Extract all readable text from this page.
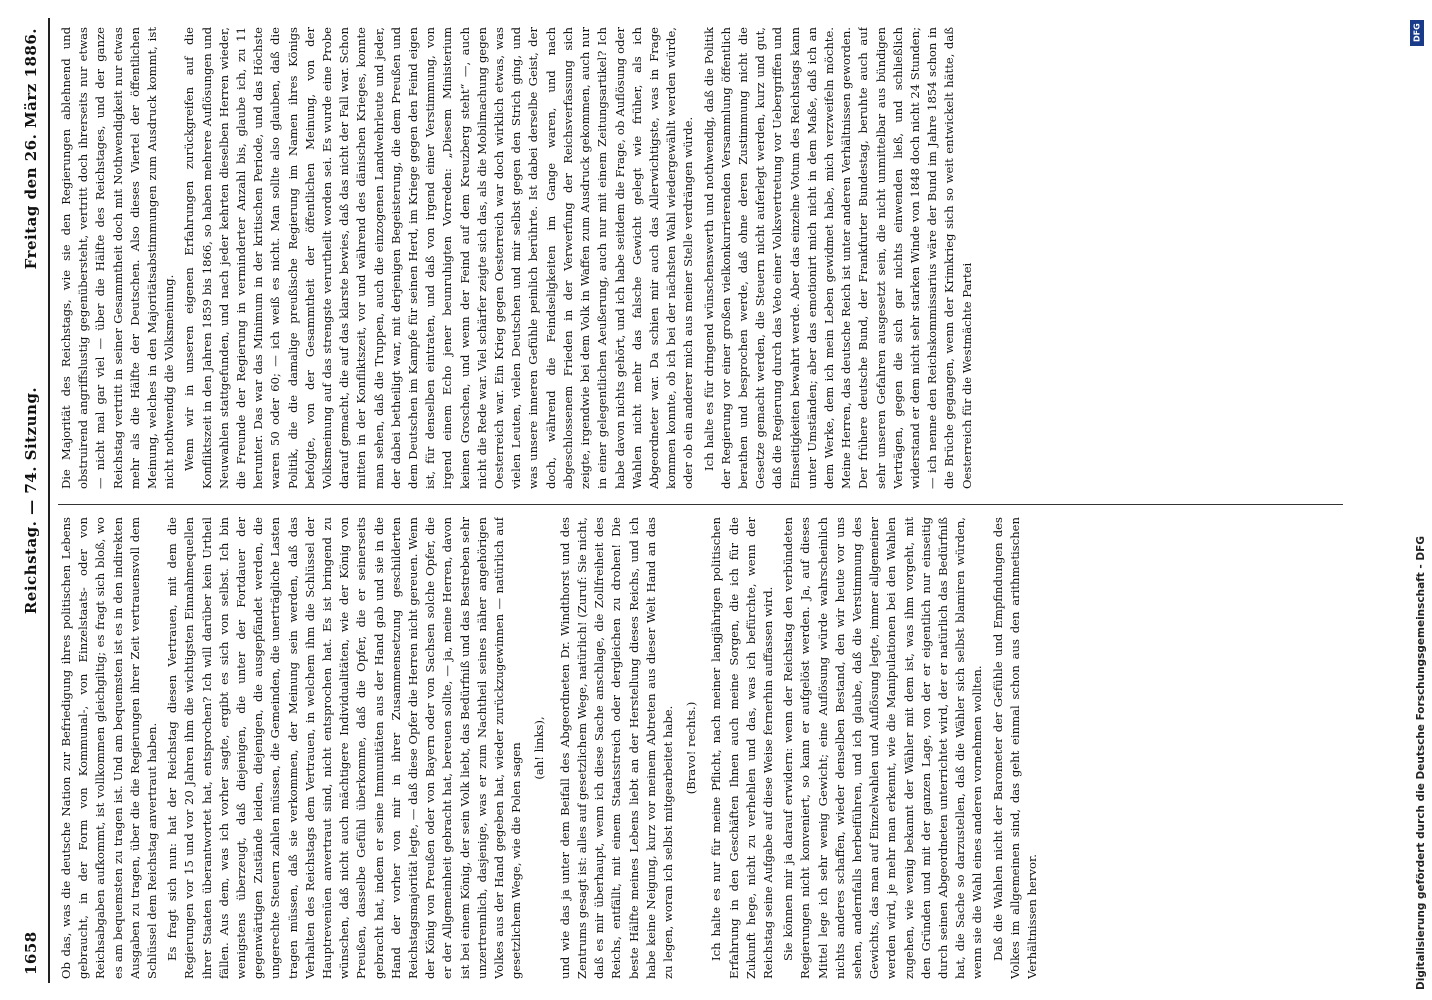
1658
Reichstag. — 74. Sitzung.
Freitag den 26. März 1886.

Ob das, was die deutsche Nation zur Befriedigung ihres politischen Lebens gebraucht, in der Form von Kommunal-, von Einzelstaats- oder von Reichsabgaben aufkommt, ist vollkommen gleichgiltig; es fragt sich bloß, wo es am bequemsten zu tragen ist. Und am bequemsten ist es in den indirekten Ausgaben zu tragen, über die die Regierungen ihrer Zeit vertrauensvoll dem Schlüssel dem Reichstag anvertraut haben. Es fragt sich nun: hat der Reichstag diesen Vertrauen, mit dem die Regierungen vor 15 und vor 20 Jahren ihm die wichtigsten Einnahmequellen ihrer Staaten überantwortet hat, entsprochen? Ich will darüber kein Urtheil fällen. Aus dem, was ich vorher sagte, ergibt es sich von selbst. Ich bin wenigstens überzeugt, daß diejenigen, die unter der Fortdauer der gegenwärtigen Zustände leiden, diejenigen, die ausgepfändet werden, die ungerechte Steuern zahlen müssen, die Gemeinden, die unerträgliche Lasten tragen müssen, daß sie verkommen, der Meinung sein werden, daß das Verhalten des Reichstags dem Vertrauen, in welchem ihm die Schlüssel der Hauptrevenüen anvertraut sind, nicht entsprochen hat. Es ist bringend zu wünschen, daß nicht auch mächtigere Individualitäten, wie der König von Preußen, dasselbe Gefühl überkomme, daß die Opfer, die er seinerseits gebracht hat, indem er seine Immunitäten aus der Hand gab und sie in die Hand der vorher von mir in ihrer Zusammensetzung geschilderten Reichstagsmajorität legte, — daß diese Opfer die Herren nicht gereuen. Wenn der König von Preußen oder von Bayern oder von Sachsen solche Opfer, die er der Allgemeinheit gebracht hat, bereuen sollte, — ja, meine Herren, davon ist bei einem König, der sein Volk liebt, das Bedürfniß und das Bestreben sehr unzertrennlich, dasjenige, was er zum Nachtheil seines näher angehörigen Volkes aus der Hand gegeben hat, wieder zurückzugewinnen — natürlich auf gesetzlichem Wege, wie die Polen sagen (ah! links), und wie das ja unter dem Beifall des Abgeordneten Dr. Windthorst und des Zentrums gesagt ist: alles auf gesetzlichem Wege, natürlich! (Zuruf: Sie nicht, daß es mir überhaupt, wenn ich diese Sache anschlage, die Zollfreiheit des Reichs, entfällt, mit einem Staatsstreich oder dergleichen zu drohen! Die beste Hälfte meines Lebens liebt an der Herstellung dieses Reichs, und ich habe keine Neigung, kurz vor meinem Abtreten aus dieser Welt Hand an das zu legen, woran ich selbst mitgearbeitet habe. (Bravo! rechts.) Ich halte es nur für meine Pflicht, nach meiner langjährigen politischen Erfahrung in den Geschäften Ihnen auch meine Sorgen, die ich für die Zukunft hege, nicht zu verhehlen und das, was ich befürchte, wenn der Reichstag seine Aufgabe auf diese Weise fernerhin auffassen wird. Sie können mir ja darauf erwidern: wenn der Reichstag den verbündeten Regierungen nicht konveniert, so kann er aufgelöst werden. Ja, auf dieses Mittel lege ich sehr wenig Gewicht; eine Auflösung würde wahrscheinlich nichts anderes schaffen, wieder denselben Bestand, den wir heute vor uns sehen, andernfalls herbeiführen, und ich glaube, daß die Verstimmung des Gewichts, das man auf Einzelwahlen und Auflösung legte, immer allgemeiner werden wird, je mehr man erkennt, wie die Manipulationen bei den Wahlen zugehen, wie wenig bekannt der Wähler mit dem ist, was ihm vorgeht, mit den Gründen und mit der ganzen Lage, von der er eigentlich nur einseitig durch seinen Abgeordneten unterrichtet wird, der er natürlich das Bedürfniß hat, die Sache so darzustellen, daß die Wähler sich selbst blamiren würden, wenn sie die Wahl eines anderen vornehmen wollten. Daß die Wahlen nicht der Barometer der Gefühle und Empfindungen des Volkes im allgemeinen sind, das geht einmal schon aus den arithmetischen Verhältnissen hervor.

Die Majorität des Reichstags, wie sie den Regierungen ablehnend und obstruirend angriffslustig gegenübersteht, vertritt doch ihrerseits nur etwas — nicht mal gar viel — über die Hälfte des Reichstages, und der ganze Reichstag vertritt in seiner Gesammtheit doch mit Nothwendigkeit nur etwas mehr als die Hälfte der Deutschen. Also dieses Viertel der öffentlichen Meinung, welches in den Majoritätsabstimmungen zum Ausdruck kommt, ist nicht nothwendig die Volksmeinung. Wenn wir in unseren eigenen Erfahrungen zurückgreifen auf die Konfliktszeit in den Jahren 1859 bis 1866, so haben mehrere Auflösungen und Neuwahlen stattgefunden, und nach jeder kehrten dieselben Herren wieder, die Freunde der Regierung in verminderter Anzahl bis, glaube ich, zu 11 herunter. Das war das Minimum in der kritischen Periode, und das Höchste waren 50 oder 60; — ich weiß es nicht. Man sollte also glauben, daß die Politik, die die damalige preußische Regierung im Namen ihres Königs befolgte, von der Gesammtheit der öffentlichen Meinung, von der Volksmeinung auf das strengste verurtheilt worden sei. Es wurde eine Probe darauf gemacht, die auf das klarste bewies, daß das nicht der Fall war. Schon mitten in der Konfliktszeit, vor und während des dänischen Krieges, konnte man sehen, daß die Truppen, auch die einzogenen Landwehrleute und jeder, der dabei betheiligt war, mit derjenigen Begeisterung, die dem Preußen und dem Deutschen im Kampfe für seinen Herd, im Kriege gegen den Feind eigen ist, für denselben eintraten, und daß von irgend einer Verstimmung, von irgend einem Echo jener beunruhigten Vorreden: „Diesem Ministerium keinen Groschen, und wenn der Feind auf dem Kreuzberg steht“ —, auch nicht die Rede war. Viel schärfer zeigte sich das, als die Mobilmachung gegen Oesterreich war. Ein Krieg gegen Oesterreich war doch wirklich etwas, was vielen Leuten, vielen Deutschen und mir selbst gegen den Strich ging, und was unsere inneren Gefühle peinlich berührte. Ist dabei derselbe Geist, der doch, während die Feindseligkeiten im Gange waren, und nach abgeschlossenem Frieden in der Verwerfung der Reichsverfassung sich zeigte, irgendwie bei dem Volk in Waffen zum Ausdruck gekommen, auch nur in einer gelegentlichen Aeußerung, auch nur mit einem Zeitungsartikel? Ich habe davon nichts gehört, und ich habe seitdem die Frage, ob Auflösung oder Wahlen nicht mehr das falsche Gewicht gelegt wie früher, als ich Abgeordneter war. Da schien mir auch das Allerwichtigste, was in Frage kommen konnte, ob ich bei der nächsten Wahl wiedergewählt werden würde, oder ob ein anderer mich aus meiner Stelle verdrängen würde. Ich halte es für dringend wünschenswerth und nothwendig, daß die Politik der Regierung vor einer großen vielkonkurrierenden Versammlung öffentlich berathen und besprochen werde, daß ohne deren Zustimmung nicht die Gesetze gemacht werden, die Steuern nicht auferlegt werden, kurz und gut, daß die Regierung durch das Veto einer Volksvertretung vor Uebergriffen und Einseitigkeiten bewahrt werde. Aber das einzelne Votum des Reichstags kann unter Umständen; aber das emotionirt mich nicht in dem Maße, daß ich an dem Werke, dem ich mein Leben gewidmet habe, mich verzweifeln möchte. Meine Herren, das deutsche Reich ist unter anderen Verhältnissen geworden. Der frühere deutsche Bund, der Frankfurter Bundestag, beruhte auch auf sehr unseren Gefahren ausgesetzt sein, die nicht unmittelbar aus bündigen Verträgen, gegen die sich gar nichts einwenden ließ, und schließlich widerstand er dem nicht sehr starken Winde von 1848 doch nicht 24 Stunden; — ich nenne den Reichskommissarius wäre der Bund im Jahre 1854 schon in die Brüche gegangen, wenn der Krimkrieg sich so weit entwickelt hätte, daß Oesterreich für die Westmächte Partei

Digitalisierung gefördert durch die Deutsche Forschungsgemeinschaft - DFG
DFG
